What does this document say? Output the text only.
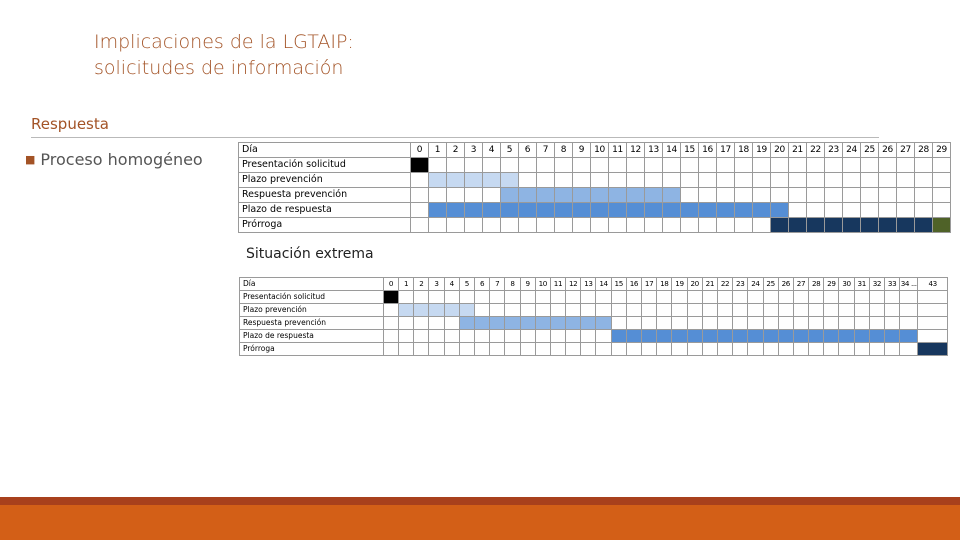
Implicaciones de la LGTAIP:
solicitudes de información
Respuesta
■ Proceso homogéneo
Día	0	1	2	3	4	5	6	7	8	9	10	11	12	13	14	15	16	17	18	19	20	21	22	23	24	25	26	27	28	29
Presentación solicitud																														
Plazo prevención																														
Respuesta prevención																														
Plazo de respuesta																														
Prórroga																														
Situación extrema
Día	0	1	2	3	4	5	6	7	8	9	10	11	12	13	14	15	16	17	18	19	20	21	22	23	24	25	26	27	28	29	30	31	32	33	34 ...	43
Presentación solicitud																																				
Plazo prevención																																				
Respuesta prevención																																				
Plazo de respuesta																																				
Prórroga																																				
